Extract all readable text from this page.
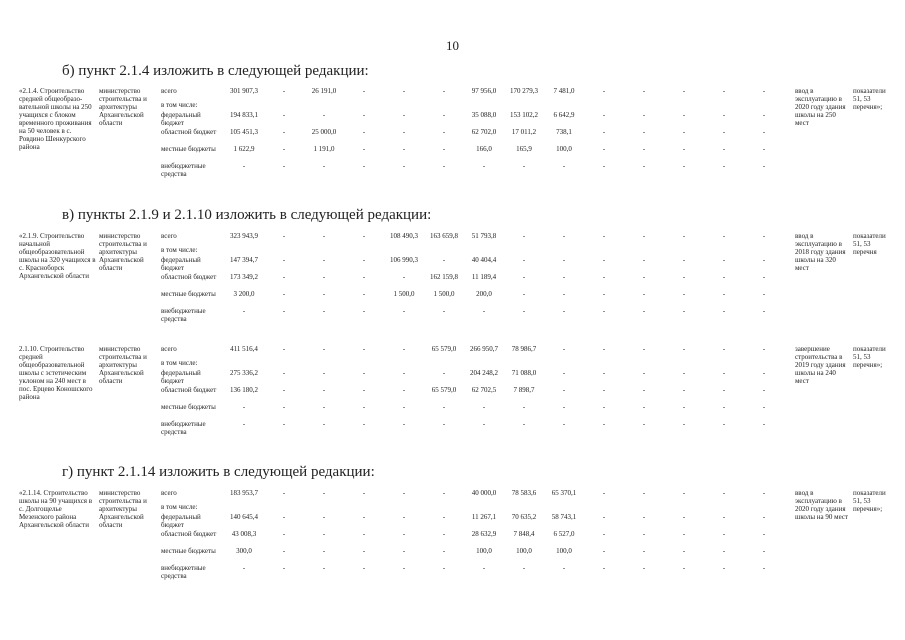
10
б) пункт 2.1.4 изложить в следующей редакции:
«2.1.4. Строительство средней общеобразо-вательной школы на 250 учащихся с блоком временного проживания на 50 человек в с. Ровдино Шенкурского района	министерство строительства и архитектуры Архангельской области	всего	301 907,3	-	26 191,0	-	-	-	97 956,0	170 279,3	7 481,0	-	-	-	-	-		ввод в эксплуатацию в 2020 году здания школы на 250 мест	показатели 51, 53 перечня»;
		в том числе:																	
		федеральный бюджет	194 833,1	-	-	-	-	-	35 088,0	153 102,2	6 642,9	-	-	-	-	-			
		областной бюджет	105 451,3	-	25 000,0	-	-	-	62 702,0	17 011,2	738,1	-	-	-	-	-			
		местные бюджеты	1 622,9	-	1 191,0	-	-	-	166,0	165,9	100,0	-	-	-	-	-			
		внебюджетные средства	-	-	-	-	-	-	-	-	-	-	-	-	-	-			
в) пункты 2.1.9 и 2.1.10 изложить в следующей редакции:
«2.1.9. Строительство начальной общеобразовательной школы на 320 учащихся в с. Красноборск Архангельской области	министерство строительства и архитектуры Архангельской области	всего	323 943,9	-	-	-	108 490,3	163 659,8	51 793,8	-	-	-	-	-	-	-		ввод в эксплуатацию в 2018 году здания школы на 320 мест	показатели 51, 53 перечня
		в том числе:																	
		федеральный бюджет	147 394,7	-	-	-	106 990,3	-	40 404,4	-	-	-	-	-	-	-			
		областной бюджет	173 349,2	-	-	-	-	162 159,8	11 189,4	-	-	-	-	-	-	-			
		местные бюджеты	3 200,0	-	-	-	1 500,0	1 500,0	200,0	-	-	-	-	-	-	-			
		внебюджетные средства	-	-	-	-	-	-	-	-	-	-	-	-	-	-			
2.1.10. Строительство средней общеобразовательной школы с эстетическим уклоном на 240 мест в пос. Ерцево Коношского района	министерство строительства и архитектуры Архангельской области	всего	411 516,4	-	-	-	-	65 579,0	266 950,7	78 986,7	-	-	-	-	-	-		завершение строительства в 2019 году здания школы на 240 мест	показатели 51, 53 перечня»;
		в том числе:																	
		федеральный бюджет	275 336,2	-	-	-	-	-	204 248,2	71 088,0	-	-	-	-	-	-			
		областной бюджет	136 180,2	-	-	-	-	65 579,0	62 702,5	7 898,7	-	-	-	-	-	-			
		местные бюджеты	-	-	-	-	-	-	-	-	-	-	-	-	-	-			
		внебюджетные средства	-	-	-	-	-	-	-	-	-	-	-	-	-	-			
г) пункт 2.1.14 изложить в следующей редакции:
«2.1.14. Строительство школы на 90 учащихся в с. Долгощелье Мезенского района Архангельской области	министерство строительства и архитектуры Архангельской области	всего	183 953,7	-	-	-	-	-	40 000,0	78 583,6	65 370,1	-	-	-	-	-		ввод в эксплуатацию в 2020 году здания школы на 90 мест	показатели 51, 53 перечня»;
		в том числе:																	
		федеральный бюджет	140 645,4	-	-	-	-	-	11 267,1	70 635,2	58 743,1	-	-	-	-	-			
		областной бюджет	43 008,3	-	-	-	-	-	28 632,9	7 848,4	6 527,0	-	-	-	-	-			
		местные бюджеты	300,0	-	-	-	-	-	100,0	100,0	100,0	-	-	-	-	-			
		внебюджетные средства	-	-	-	-	-	-	-	-	-	-	-	-	-	-			
